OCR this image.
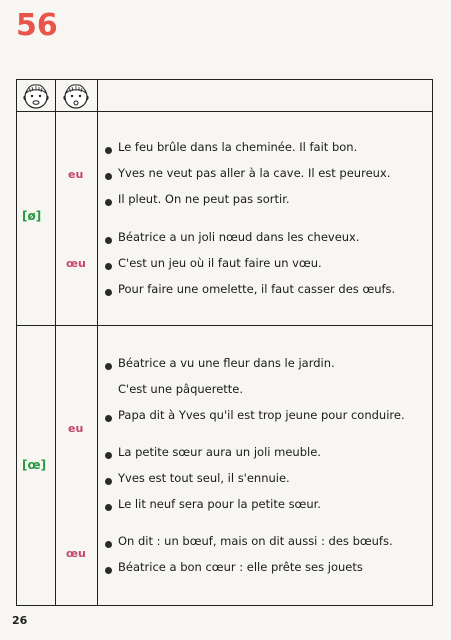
56
[ø]
eu
œu
Le feu brûle dans la cheminée. Il fait bon.
Yves ne veut pas aller à la cave. Il est peureux.
Il pleut. On ne peut pas sortir.
Béatrice a un joli nœud dans les cheveux.
C'est un jeu où il faut faire un vœu.
Pour faire une omelette, il faut casser des œufs.
[œ]
eu
œu
Béatrice a vu une fleur dans le jardin.
C'est une pâquerette.
Papa dit à Yves qu'il est trop jeune pour conduire.
La petite sœur aura un joli meuble.
Yves est tout seul, il s'ennuie.
Le lit neuf sera pour la petite sœur.
On dit : un bœuf, mais on dit aussi : des bœufs.
Béatrice a bon cœur : elle prête ses jouets
26
